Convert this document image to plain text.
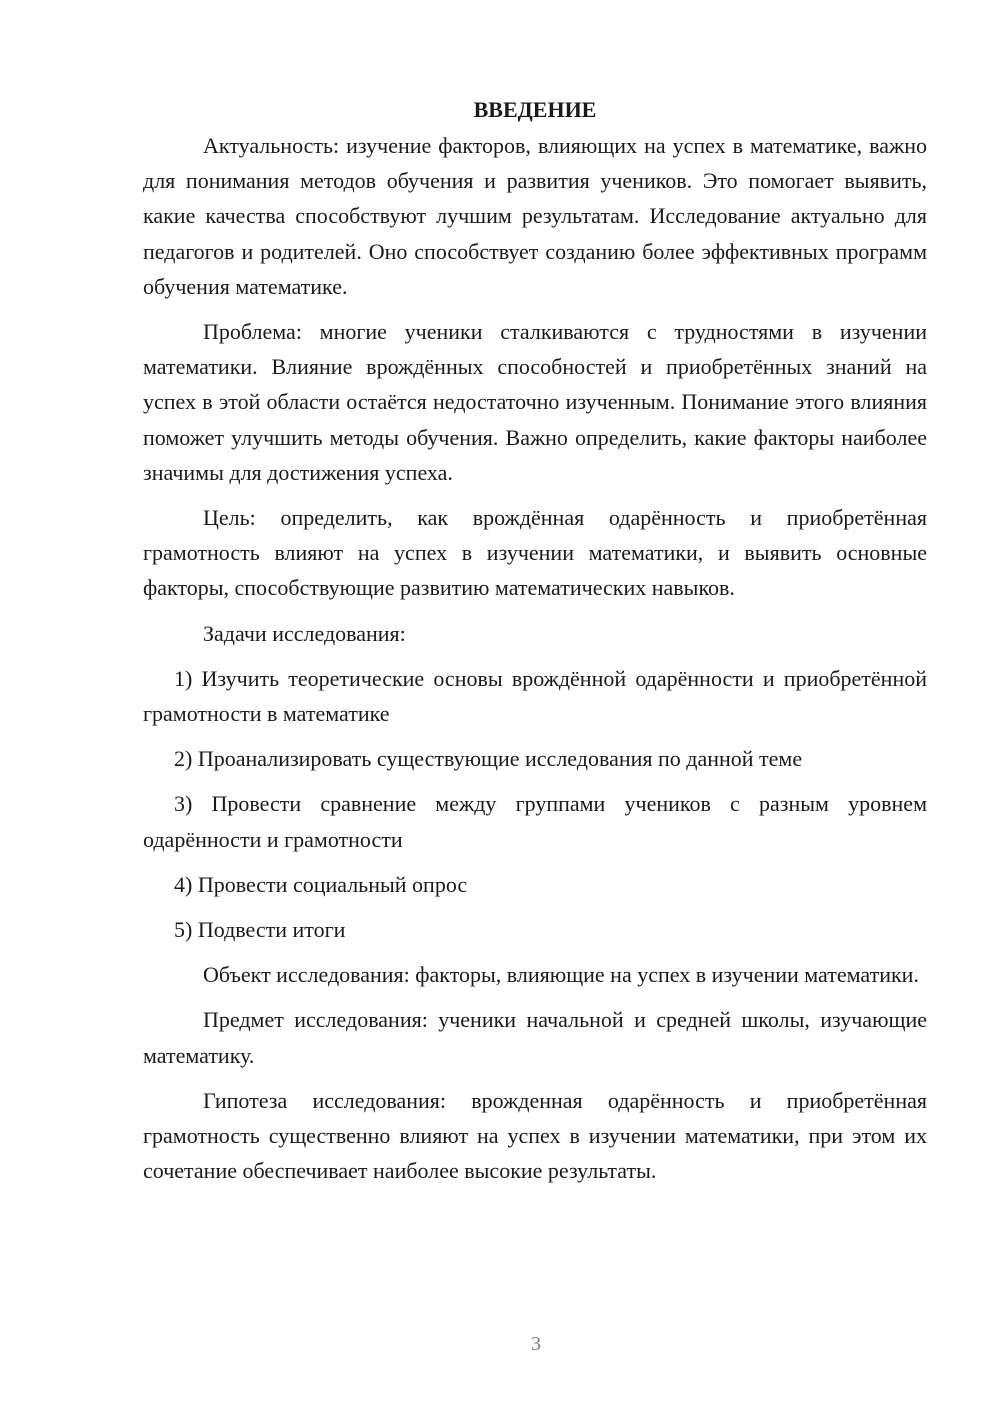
ВВЕДЕНИЕ

Актуальность: изучение факторов, влияющих на успех в математике, важно для понимания методов обучения и развития учеников. Это помогает выявить, какие качества способствуют лучшим результатам. Исследование актуально для педагогов и родителей. Оно способствует созданию более эффективных программ обучения математике.

Проблема: многие ученики сталкиваются с трудностями в изучении математики. Влияние врождённых способностей и приобретённых знаний на успех в этой области остаётся недостаточно изученным. Понимание этого влияния поможет улучшить методы обучения. Важно определить, какие факторы наиболее значимы для достижения успеха.

Цель: определить, как врождённая одарённость и приобретённая грамотность влияют на успех в изучении математики, и выявить основные факторы, способствующие развитию математических навыков.

Задачи исследования:

1) Изучить теоретические основы врождённой одарённости и приобретённой грамотности в математике

2) Проанализировать существующие исследования по данной теме

3) Провести сравнение между группами учеников с разным уровнем одарённости и грамотности

4) Провести социальный опрос

5) Подвести итоги

Объект исследования: факторы, влияющие на успех в изучении математики.

Предмет исследования: ученики начальной и средней школы, изучающие математику.

Гипотеза исследования: врожденная одарённость и приобретённая грамотность существенно влияют на успех в изучении математики, при этом их сочетание обеспечивает наиболее высокие результаты.

3
